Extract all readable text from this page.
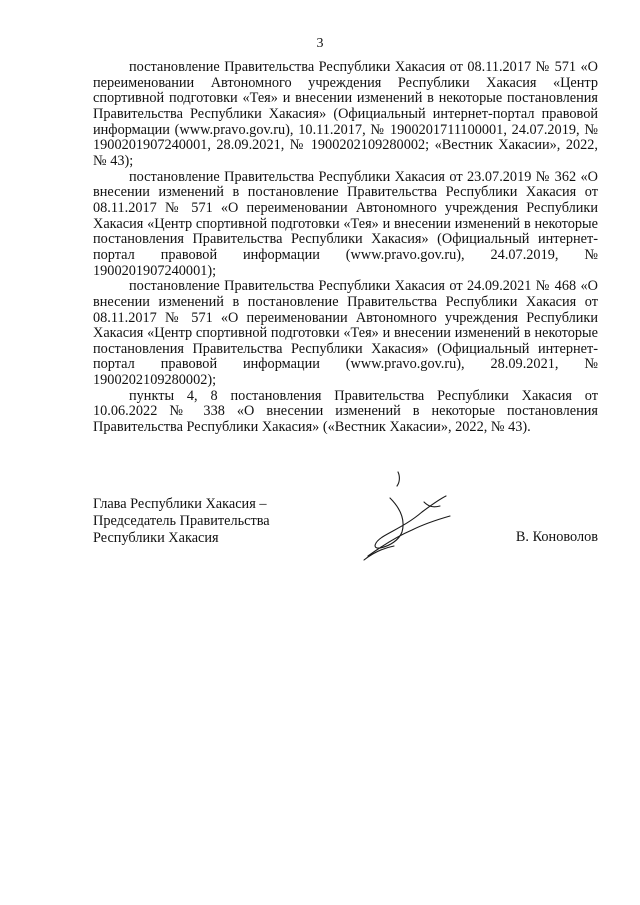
3

постановление Правительства Республики Хакасия от 08.11.2017 № 571 «О переименовании Автономного учреждения Республики Хакасия «Центр спортивной подготовки «Тея» и внесении изменений в некоторые постановления Правительства Республики Хакасия» (Официальный интернет-портал правовой информации (www.pravo.gov.ru), 10.11.2017, № 1900201711100001, 24.07.2019, № 1900201907240001, 28.09.2021, № 1900202109280002; «Вестник Хакасии», 2022, № 43);

постановление Правительства Республики Хакасия от 23.07.2019 № 362 «О внесении изменений в постановление Правительства Республики Хакасия от 08.11.2017 № 571 «О переименовании Автономного учреждения Республики Хакасия «Центр спортивной подготовки «Тея» и внесении изменений в некоторые постановления Правительства Республики Хакасия» (Официальный интернет-портал правовой информации (www.pravo.gov.ru), 24.07.2019, № 1900201907240001);

постановление Правительства Республики Хакасия от 24.09.2021 № 468 «О внесении изменений в постановление Правительства Республики Хакасия от 08.11.2017 № 571 «О переименовании Автономного учреждения Республики Хакасия «Центр спортивной подготовки «Тея» и внесении изменений в некоторые постановления Правительства Республики Хакасия» (Официальный интернет-портал правовой информации (www.pravo.gov.ru), 28.09.2021, № 1900202109280002);

пункты 4, 8 постановления Правительства Республики Хакасия от 10.06.2022 № 338 «О внесении изменений в некоторые постановления Правительства Республики Хакасия» («Вестник Хакасии», 2022, № 43).

Глава Республики Хакасия –
Председатель Правительства
Республики Хакасия	В. Коноволов
